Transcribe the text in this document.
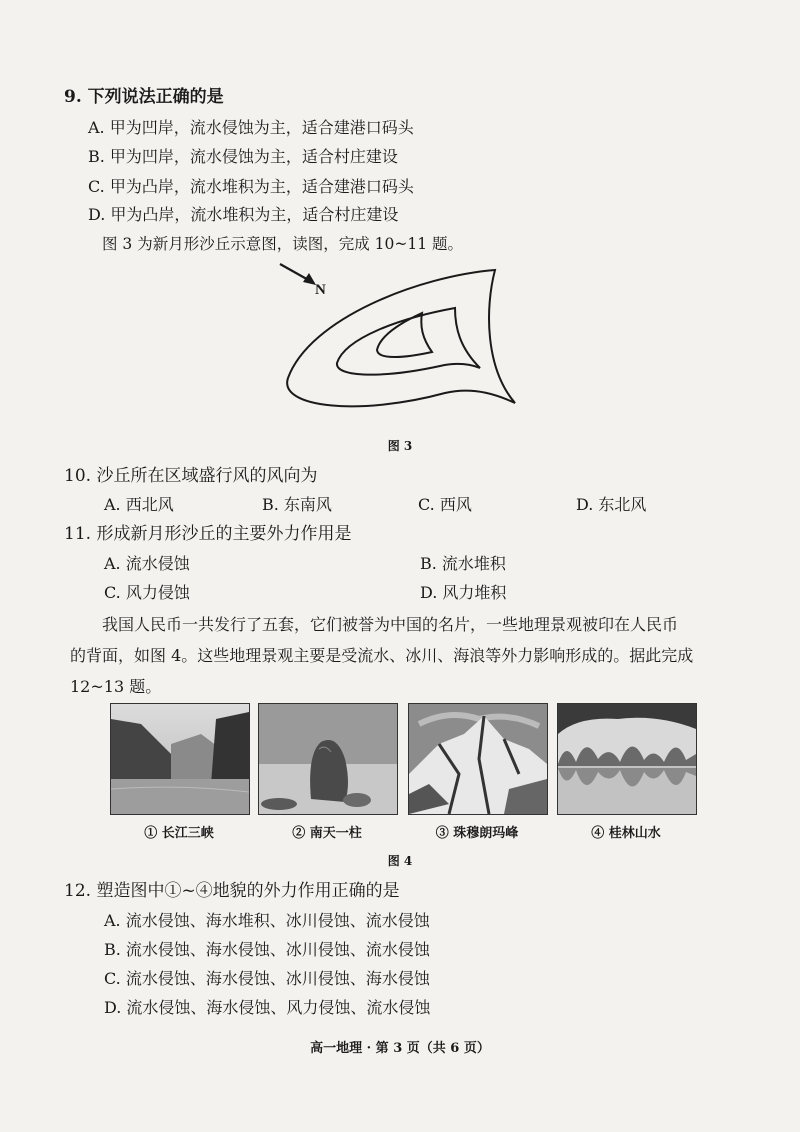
9. 下列说法正确的是
A. 甲为凹岸，流水侵蚀为主，适合建港口码头
B. 甲为凹岸，流水侵蚀为主，适合村庄建设
C. 甲为凸岸，流水堆积为主，适合建港口码头
D. 甲为凸岸，流水堆积为主，适合村庄建设
图 3 为新月形沙丘示意图，读图，完成 10~11 题。
N
图 3
10. 沙丘所在区域盛行风的风向为
A. 西北风	B. 东南风	C. 西风	D. 东北风
11. 形成新月形沙丘的主要外力作用是
A. 流水侵蚀	B. 流水堆积
C. 风力侵蚀	D. 风力堆积
我国人民币一共发行了五套，它们被誉为中国的名片，一些地理景观被印在人民币
的背面，如图 4。这些地理景观主要是受流水、冰川、海浪等外力影响形成的。据此完成
12~13 题。
① 长江三峡	② 南天一柱	③ 珠穆朗玛峰	④ 桂林山水
图 4
12. 塑造图中①~④地貌的外力作用正确的是
A. 流水侵蚀、海水堆积、冰川侵蚀、流水侵蚀
B. 流水侵蚀、海水侵蚀、冰川侵蚀、流水侵蚀
C. 流水侵蚀、海水侵蚀、冰川侵蚀、海水侵蚀
D. 流水侵蚀、海水侵蚀、风力侵蚀、流水侵蚀
高一地理 · 第 3 页（共 6 页）
